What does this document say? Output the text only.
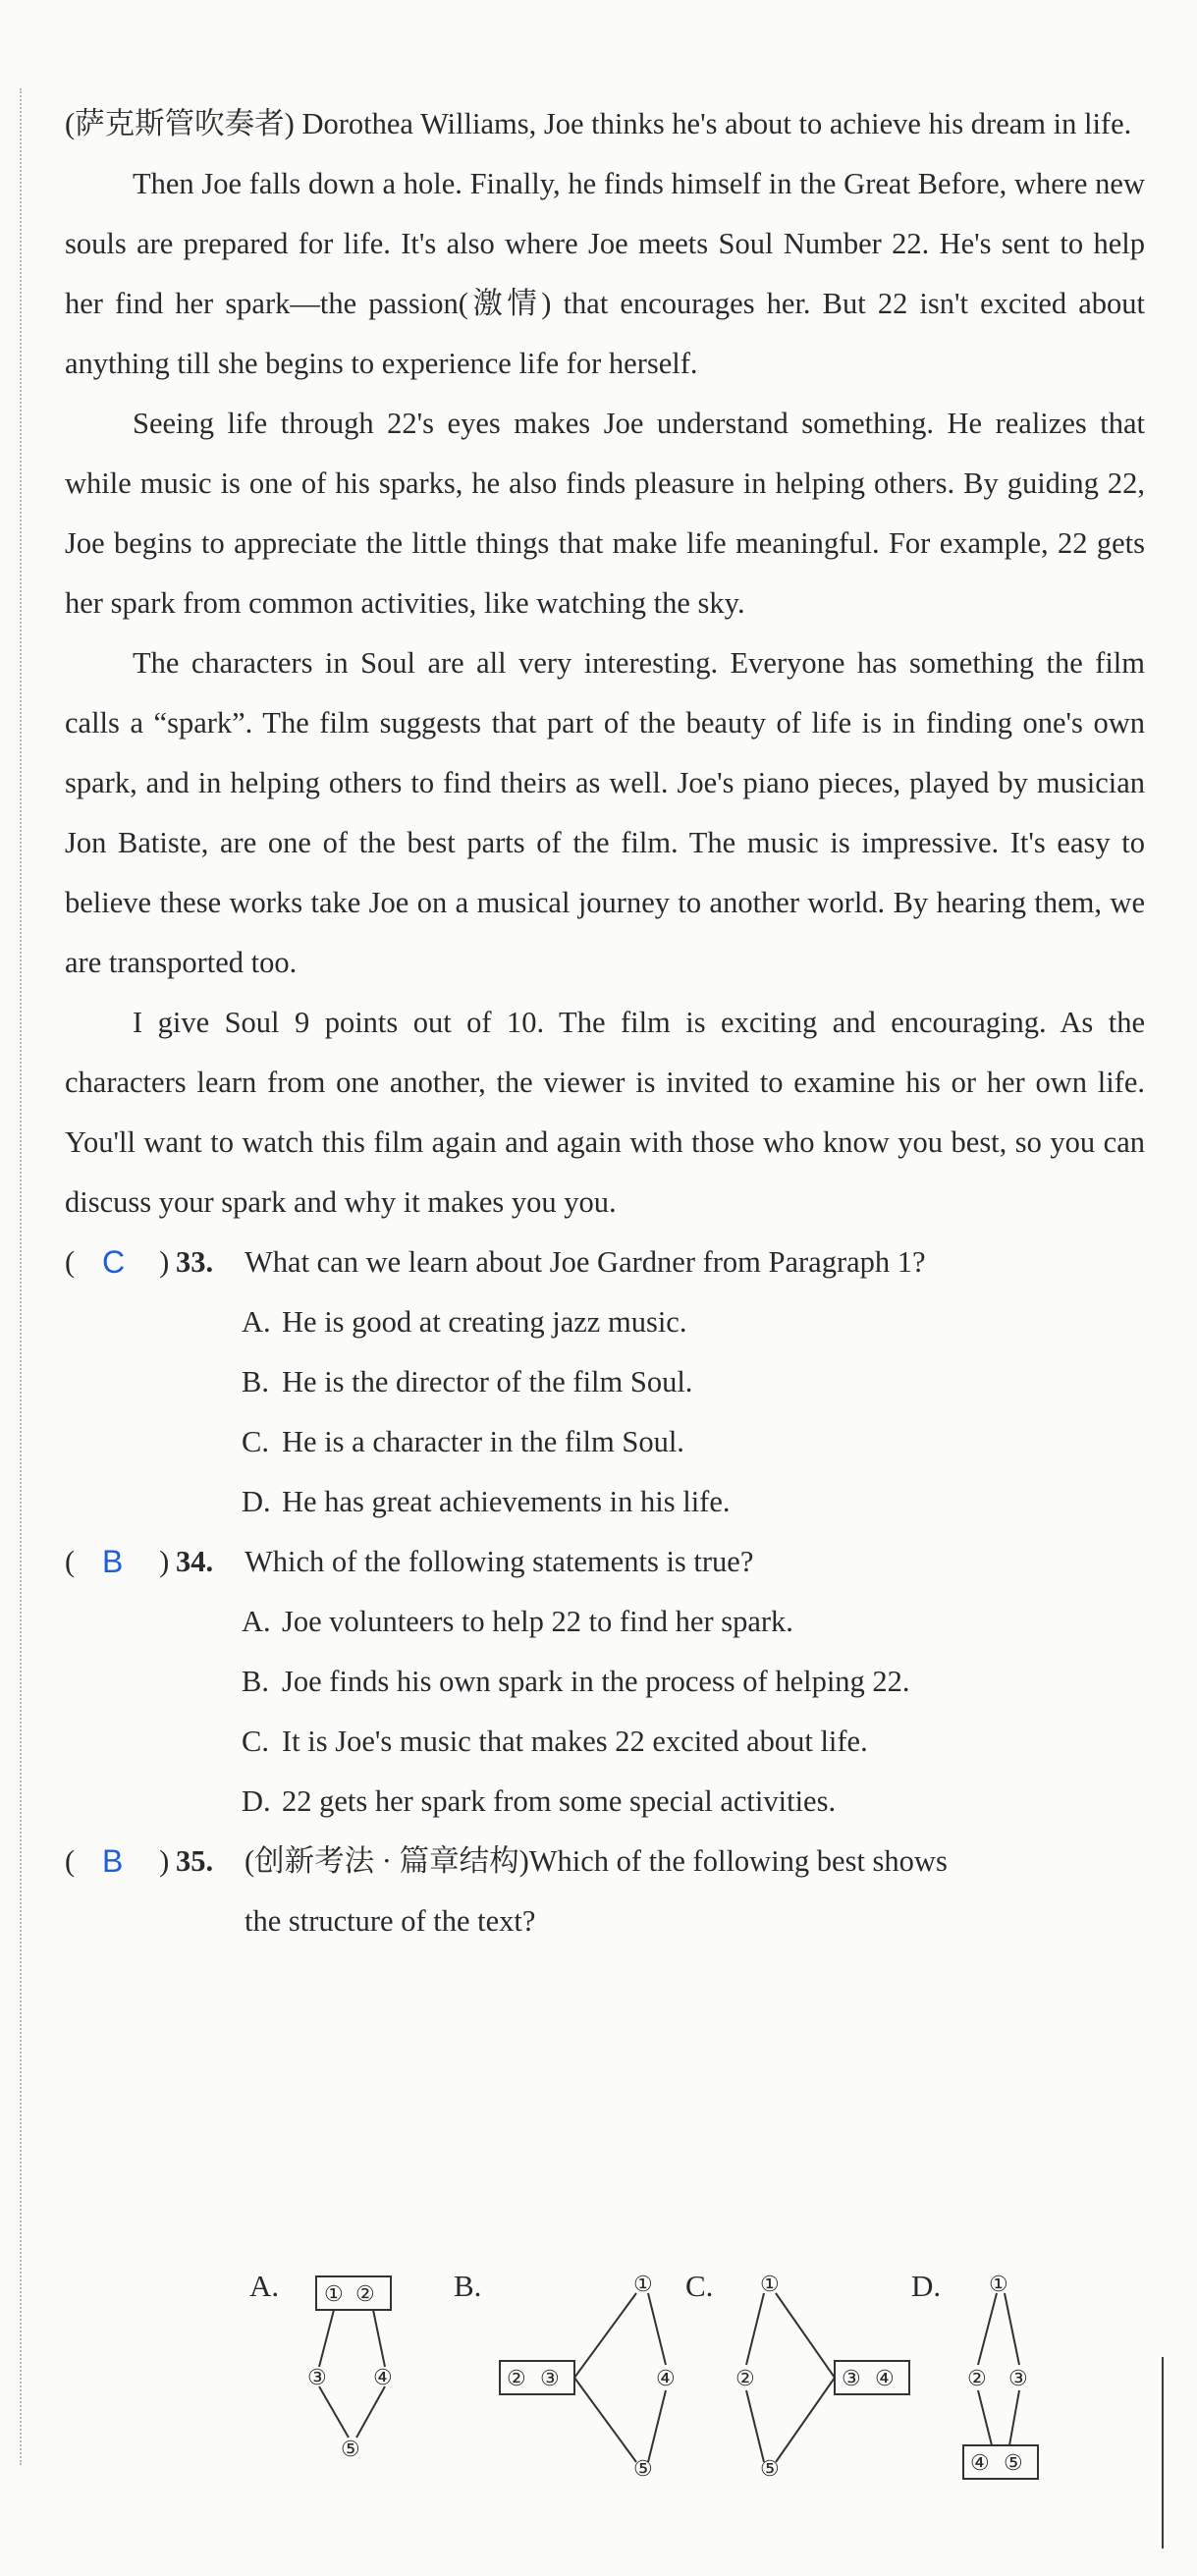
(萨克斯管吹奏者) Dorothea Williams, Joe thinks he's about to achieve his dream in life.

Then Joe falls down a hole. Finally, he finds himself in the Great Before, where new souls are prepared for life. It's also where Joe meets Soul Number 22. He's sent to help her find her spark—the passion(激情) that encourages her. But 22 isn't excited about anything till she begins to experience life for herself.

Seeing life through 22's eyes makes Joe understand something. He realizes that while music is one of his sparks, he also finds pleasure in helping others. By guiding 22, Joe begins to appreciate the little things that make life meaningful. For example, 22 gets her spark from common activities, like watching the sky.

The characters in Soul are all very interesting. Everyone has something the film calls a “spark”. The film suggests that part of the beauty of life is in finding one's own spark, and in helping others to find theirs as well. Joe's piano pieces, played by musician Jon Batiste, are one of the best parts of the film. The music is impressive. It's easy to believe these works take Joe on a musical journey to another world. By hearing them, we are transported too.

I give Soul 9 points out of 10. The film is exciting and encouraging. As the characters learn from one another, the viewer is invited to examine his or her own life. You'll want to watch this film again and again with those who know you best, so you can discuss your spark and why it makes you you.

(	)
C 33. What can we learn about Joe Gardner from Paragraph 1?
A. He is good at creating jazz music.
B. He is the director of the film Soul.
C. He is a character in the film Soul.
D. He has great achievements in his life.
(	)
B 34. Which of the following statements is true?
A. Joe volunteers to help 22 to find her spark.
B. Joe finds his own spark in the process of helping 22.
C. It is Joe's music that makes 22 excited about life.
D. 22 gets her spark from some special activities.
(	)
B 35. (创新考法 · 篇章结构)Which of the following best shows
the structure of the text?
A.	B.	C.	D.
① ②
③ ④
⑤
①
② ③	④
⑤
①
②	③ ④
⑤
①
② ③
④ ⑤
